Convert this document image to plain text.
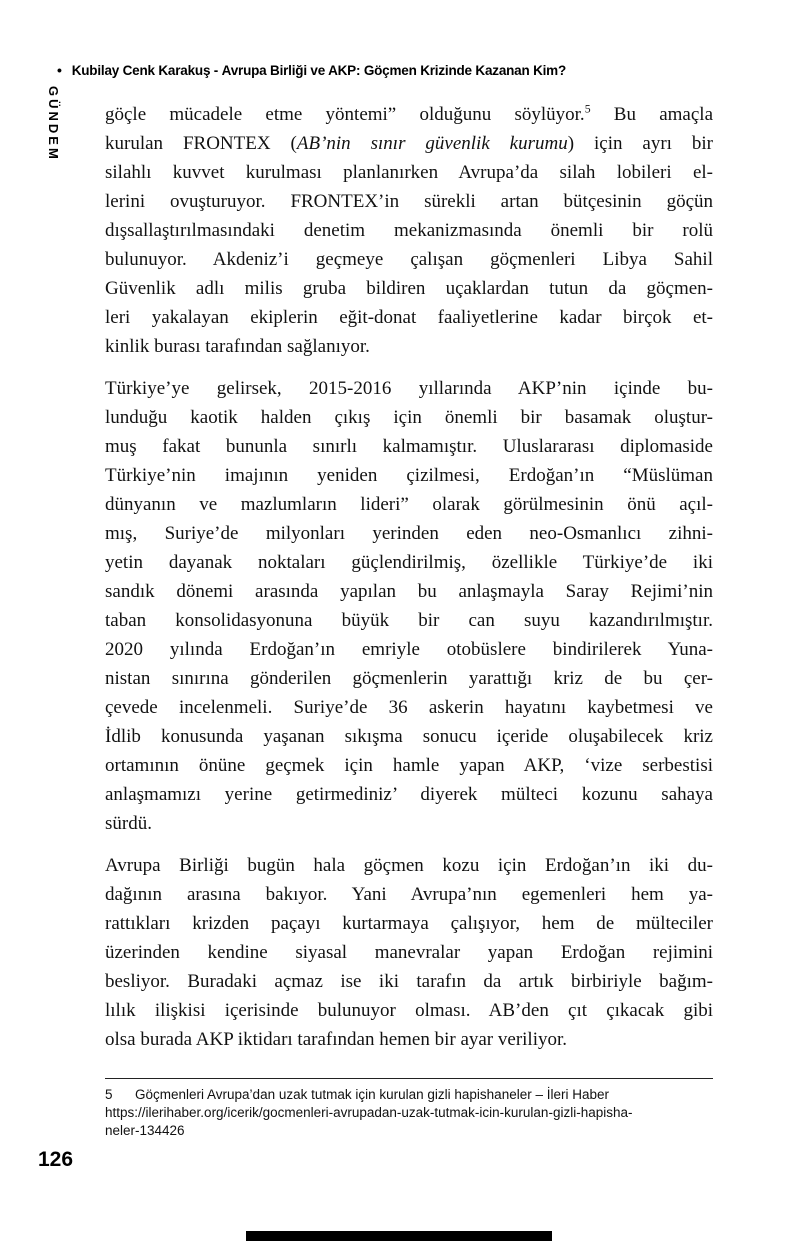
• Kubilay Cenk Karakuş - Avrupa Birliği ve AKP: Göçmen Krizinde Kazanan Kim?
GÜNDEM göçle mücadele etme yöntemi” olduğunu söylüyor.$^5$ Bu amaçla
kurulan FRONTEX (AB’nin sınır güvenlik kurumu) için ayrı bir
silahlı kuvvet kurulması planlanırken Avrupa’da silah lobileri el-
lerini ovuşturuyor. FRONTEX’in sürekli artan bütçesinin göçün
dışsallaştırılmasındaki denetim mekanizmasında önemli bir rolü
bulunuyor. Akdeniz’i geçmeye çalışan göçmenleri Libya Sahil
Güvenlik adlı milis gruba bildiren uçaklardan tutun da göçmen-
leri yakalayan ekiplerin eğit-donat faaliyetlerine kadar birçok et-
kinlik burası tarafından sağlanıyor.
Türkiye’ye gelirsek, 2015-2016 yıllarında AKP’nin içinde bu-
lunduğu kaotik halden çıkış için önemli bir basamak oluştur-
muş fakat bununla sınırlı kalmamıştır. Uluslararası diplomaside
Türkiye’nin imajının yeniden çizilmesi, Erdoğan’ın “Müslüman
dünyanın ve mazlumların lideri” olarak görülmesinin önü açıl-
mış, Suriye’de milyonları yerinden eden neo-Osmanlıcı zihni-
yetin dayanak noktaları güçlendirilmiş, özellikle Türkiye’de iki
sandık dönemi arasında yapılan bu anlaşmayla Saray Rejimi’nin
taban konsolidasyonuna büyük bir can suyu kazandırılmıştır.
2020 yılında Erdoğan’ın emriyle otobüslere bindirilerek Yuna-
nistan sınırına gönderilen göçmenlerin yarattığı kriz de bu çer-
çevede incelenmeli. Suriye’de 36 askerin hayatını kaybetmesi ve
İdlib konusunda yaşanan sıkışma sonucu içeride oluşabilecek kriz
ortamının önüne geçmek için hamle yapan AKP, ‘vize serbestisi
anlaşmamızı yerine getirmediniz’ diyerek mülteci kozunu sahaya
sürdü.
Avrupa Birliği bugün hala göçmen kozu için Erdoğan’ın iki du-
dağının arasına bakıyor. Yani Avrupa’nın egemenleri hem ya-
rattıkları krizden paçayı kurtarmaya çalışıyor, hem de mülteciler
üzerinden kendine siyasal manevralar yapan Erdoğan rejimini
besliyor. Buradaki açmaz ise iki tarafın da artık birbiriyle bağım-
lılık ilişkisi içerisinde bulunuyor olması. AB’den çıt çıkacak gibi
olsa burada AKP iktidarı tarafından hemen bir ayar veriliyor.
5 Göçmenleri Avrupa’dan uzak tutmak için kurulan gizli hapishaneler – İleri Haber
https://ilerihaber.org/icerik/gocmenleri-avrupadan-uzak-tutmak-icin-kurulan-gizli-hapisha-
neler-134426
126
